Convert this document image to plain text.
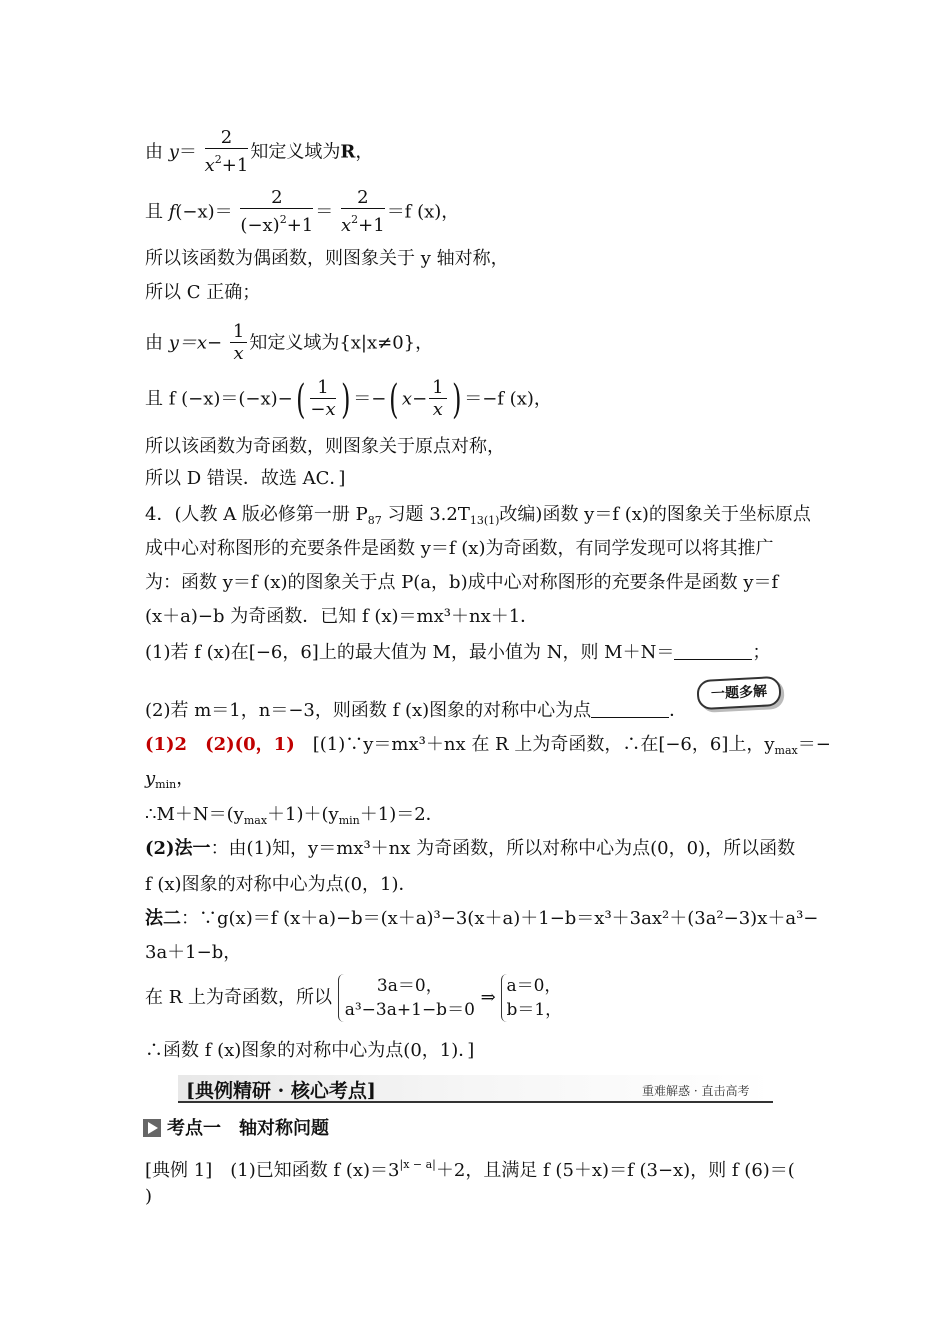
由 $y= \frac{2}{x^2+1}$ 知定义域为R，
且 $f(-x)= \frac{2}{(-x)^2+1} = \frac{2}{x^2+1} =f$ (x)，
所以该函数为偶函数，则图象关于 y 轴对称，
所以 C 正确；
由 $y=x- \frac{1}{x}$ 知定义域为{x|x≠0}，
且 f $(-x)=(-x)-( \frac{1}{-x}$ ) ＝−( $x- \frac{1}{x}$ ) ＝−f (x)，
所以该函数为奇函数，则图象关于原点对称，
所以 D 错误．故选 AC．]
4．(人教 A 版必修第一册 $P_{87}$ 习题 $3.2T_{13(1)}$改编)函数 y＝f (x)的图象关于坐标原点
成中心对称图形的充要条件是函数 y＝f (x)为奇函数，有同学发现可以将其推广
为：函数 y＝f (x)的图象关于点 P(a，b)成中心对称图形的充要条件是函数 y＝f
(x＋a)−b 为奇函数．已知 f (x)＝mx³＋nx＋1．
(1)若 f (x)在[−6，6]上的最大值为 M，最小值为 N，则 M＋N＝	；
一题多解
(2)若 m＝1，n＝−3，则函数 f (x)图象的对称中心为点	．
(1)2　(2)(0，1)　[(1)∵y＝mx³＋nx 在 R 上为奇函数，∴在[−6，6]上，$y_{max}=-$
$y_{min}$，
$\therefore M+N=(y_{max}+1)+(y_{min}+1)=2$．
(2)法一：由(1)知，y＝mx³＋nx 为奇函数，所以对称中心为点(0，0)，所以函数
f (x)图象的对称中心为点(0，1)．
法二：∵g(x)＝f (x＋a)−b＝(x＋a)³−3(x＋a)＋1−b＝x³＋3ax²＋(3a²−3)x＋a³−
3a＋1−b，
在 R 上为奇函数，所以
3a＝0，
a³−3a+1−b＝0
⇒
a＝0，
b＝1，
∴函数 f (x)图象的对称中心为点(0，1)．]
[典例精研 · 核心考点]	重难解惑 · 直击高考
考点一　轴对称问题
[典例 1]　(1)已知函数 f $(x)=3^{|x - a|}+2$，且满足 f (5＋x)＝f (3−x)，则 f (6)＝(
)
